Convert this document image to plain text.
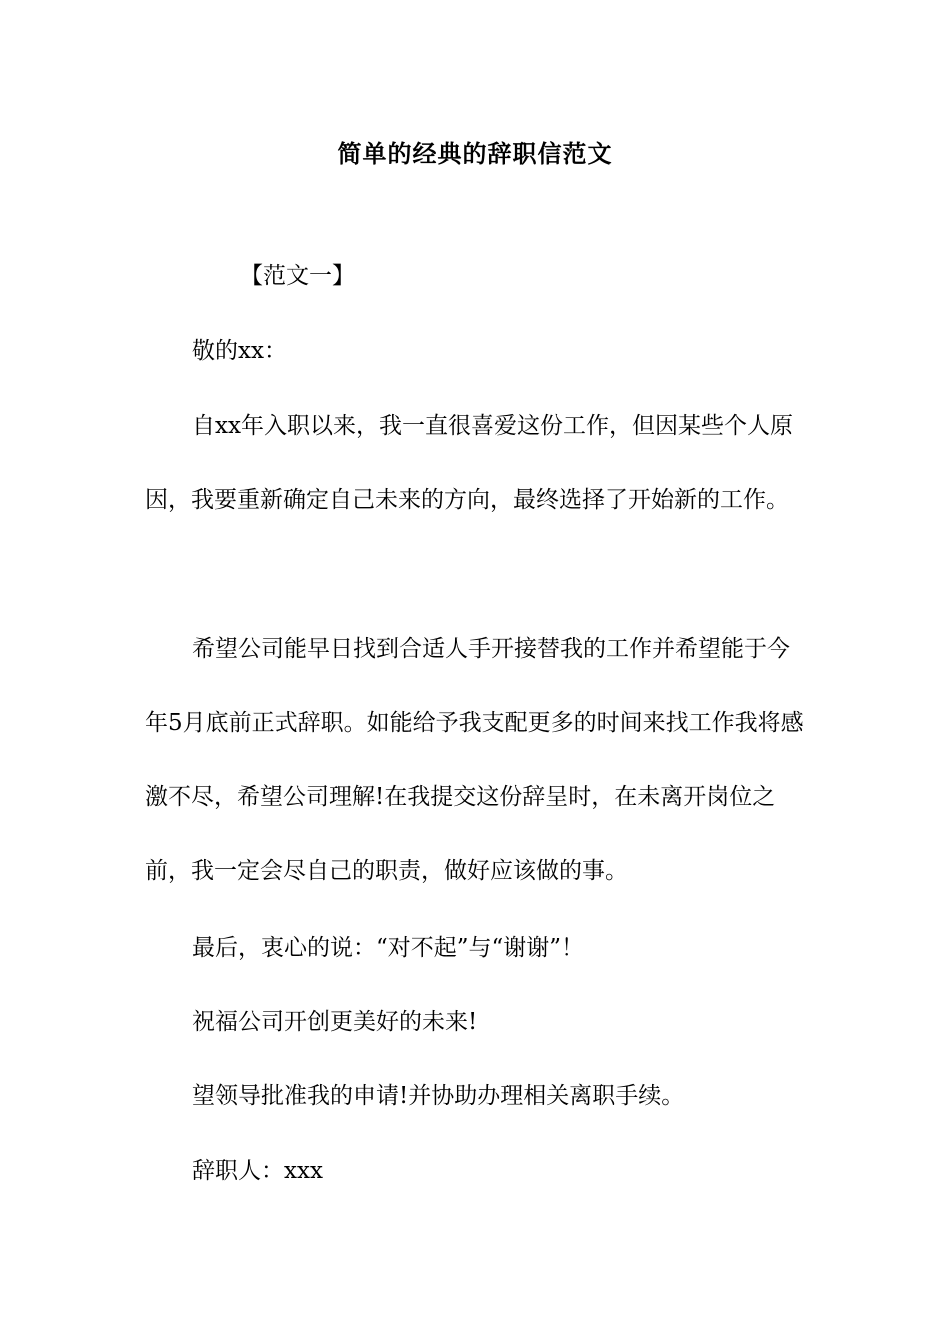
简单的经典的辞职信范文
【范文一】
敬的xx：
自xx年入职以来，我一直很喜爱这份工作，但因某些个人原因，我要重新确定自己未来的方向，最终选择了开始新的工作。
希望公司能早日找到合适人手开接替我的工作并希望能于今年5月底前正式辞职。如能给予我支配更多的时间来找工作我将感激不尽，希望公司理解!在我提交这份辞呈时，在未离开岗位之前，我一定会尽自己的职责，做好应该做的事。
最后，衷心的说：“对不起”与“谢谢”！
祝福公司开创更美好的未来!
望领导批准我的申请!并协助办理相关离职手续。
辞职人：xxx
